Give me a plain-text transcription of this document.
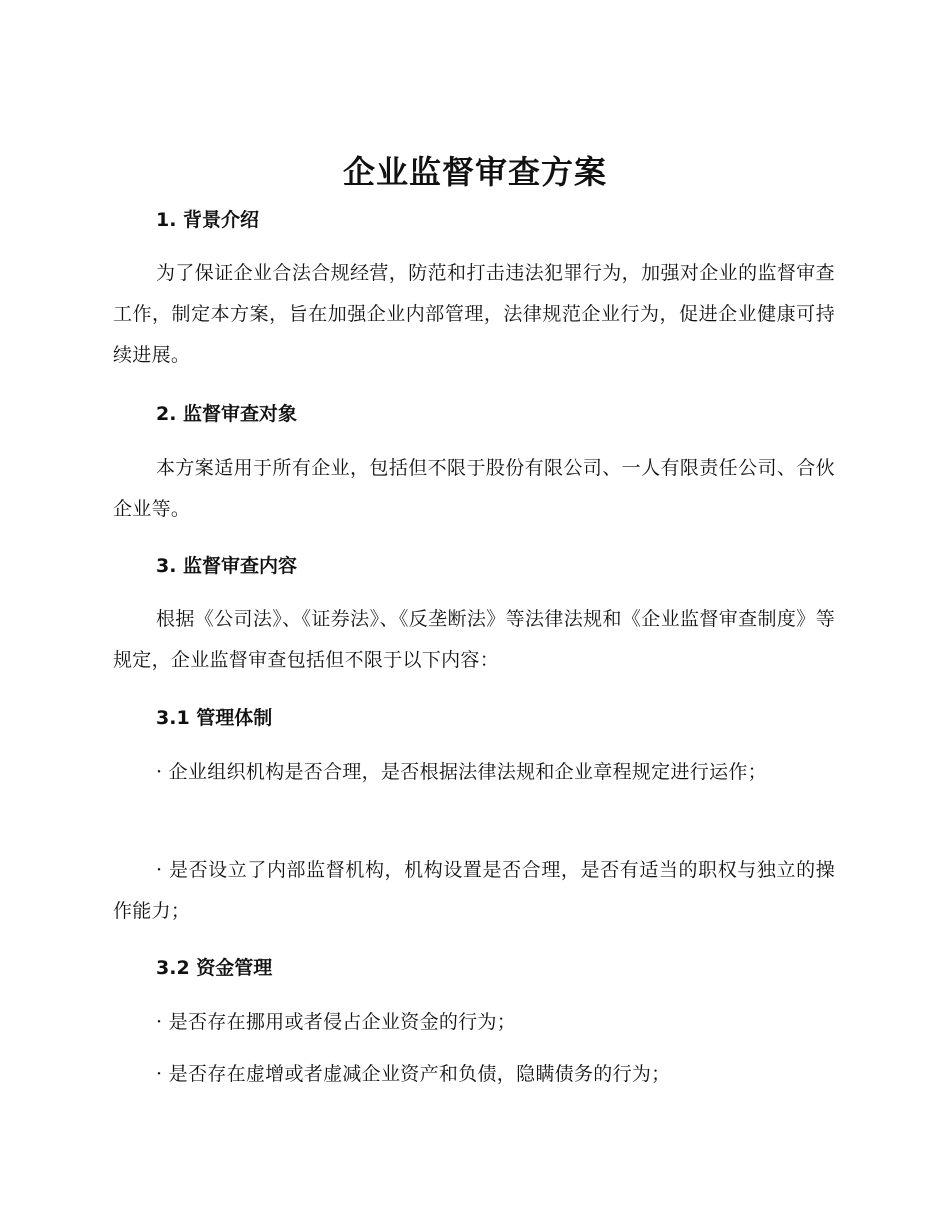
企业监督审查方案
1. 背景介绍
为了保证企业合法合规经营，防范和打击违法犯罪行为，加强对企业的监督审查工作，制定本方案，旨在加强企业内部管理，法律规范企业行为，促进企业健康可持续进展。
2. 监督审查对象
本方案适用于所有企业，包括但不限于股份有限公司、一人有限责任公司、合伙企业等。
3. 监督审查内容
根据《公司法》、《证券法》、《反垄断法》等法律法规和《企业监督审查制度》等规定，企业监督审查包括但不限于以下内容：
3.1 管理体制
· 企业组织机构是否合理，是否根据法律法规和企业章程规定进行运作；
· 是否设立了内部监督机构，机构设置是否合理，是否有适当的职权与独立的操作能力；
3.2 资金管理
· 是否存在挪用或者侵占企业资金的行为；
· 是否存在虚增或者虚减企业资产和负债，隐瞒债务的行为；
